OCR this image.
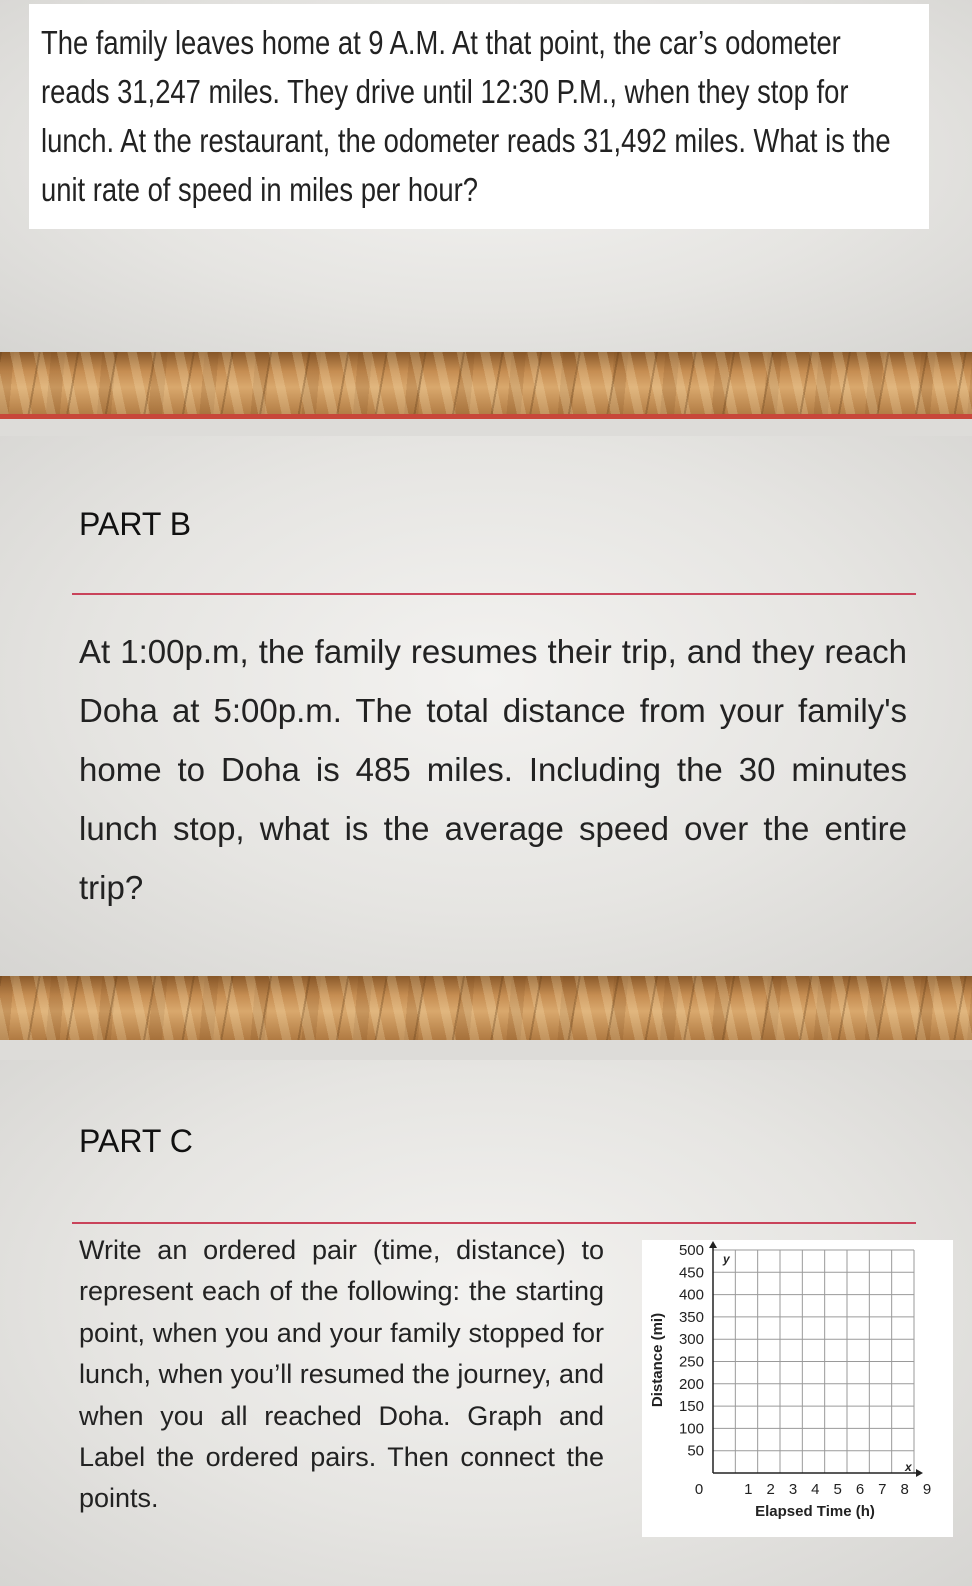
The family leaves home at 9 A.M. At that point, the car’s odometer reads 31,247 miles. They drive until 12:30 P.M., when they stop for lunch. At the restaurant, the odometer reads 31,492 miles. What is the unit rate of speed in miles per hour?
PART B
At 1:00p.m, the family resumes their trip, and they reach Doha at 5:00p.m. The total distance from your family's home to Doha is 485 miles. Including the 30 minutes lunch stop, what is the average speed over the entire trip?
PART C
Write an ordered pair (time, distance) to represent each of the following: the starting point, when you and your family stopped for lunch, when you’ll resumed the journey, and when you all reached Doha. Graph and Label the ordered pairs. Then connect the points.
50
100
150
200
250
300
350
400
450
500
1 2 3 4 5 6 7 8 9
Distance (mi)
Elapsed Time (h)
y
x
0
